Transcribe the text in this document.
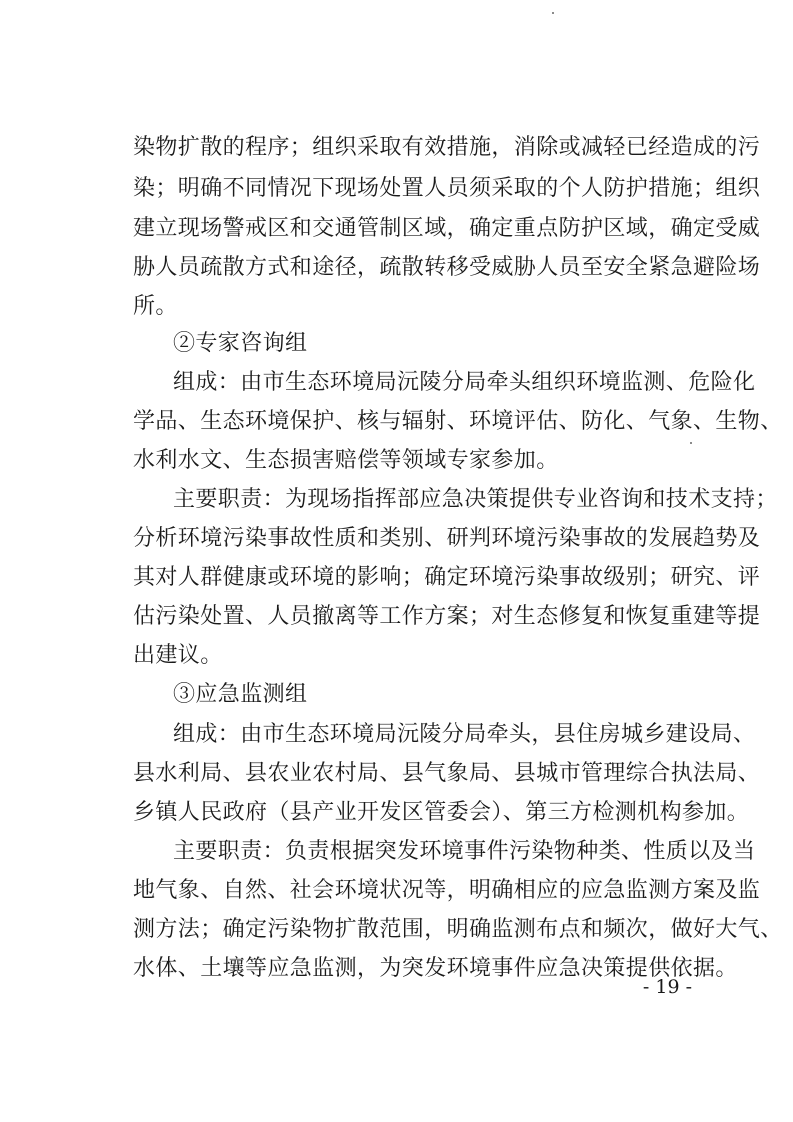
染物扩散的程序；组织采取有效措施，消除或减轻已经造成的污
染；明确不同情况下现场处置人员须采取的个人防护措施；组织
建立现场警戒区和交通管制区域，确定重点防护区域，确定受威
胁人员疏散方式和途径，疏散转移受威胁人员至安全紧急避险场
所。
②专家咨询组
组成：由市生态环境局沅陵分局牵头组织环境监测、危险化
学品、生态环境保护、核与辐射、环境评估、防化、气象、生物、
水利水文、生态损害赔偿等领域专家参加。
主要职责：为现场指挥部应急决策提供专业咨询和技术支持；
分析环境污染事故性质和类别、研判环境污染事故的发展趋势及
其对人群健康或环境的影响；确定环境污染事故级别；研究、评
估污染处置、人员撤离等工作方案；对生态修复和恢复重建等提
出建议。
③应急监测组
组成：由市生态环境局沅陵分局牵头，县住房城乡建设局、
县水利局、县农业农村局、县气象局、县城市管理综合执法局、
乡镇人民政府（县产业开发区管委会）、第三方检测机构参加。
主要职责：负责根据突发环境事件污染物种类、性质以及当
地气象、自然、社会环境状况等，明确相应的应急监测方案及监
测方法；确定污染物扩散范围，明确监测布点和频次，做好大气、
水体、土壤等应急监测，为突发环境事件应急决策提供依据。
- 19 -
